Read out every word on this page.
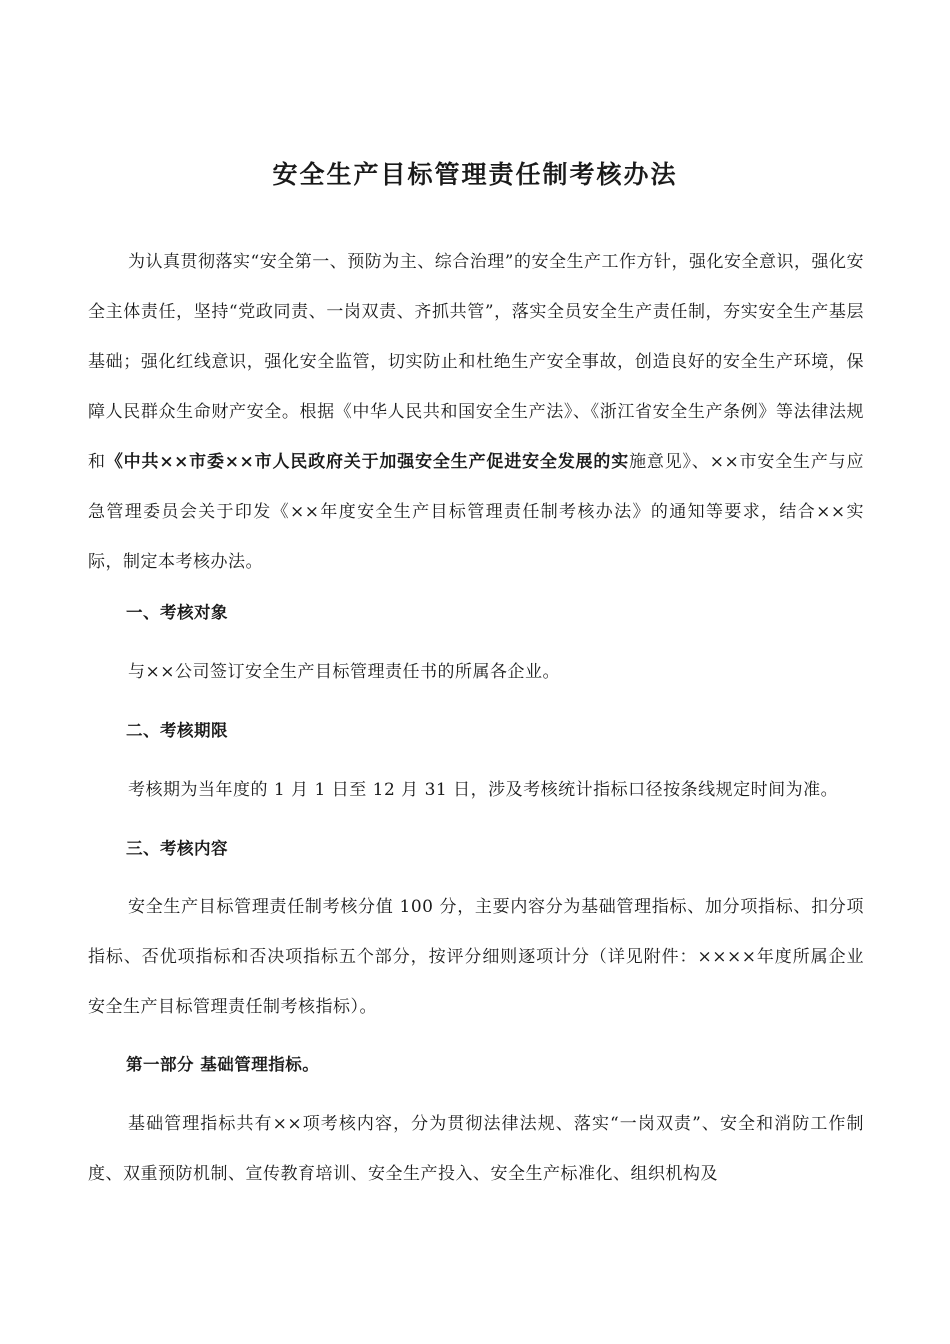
安全生产目标管理责任制考核办法
为认真贯彻落实“安全第一、预防为主、综合治理”的安全生产工作方针，强化安全意识，强化安全主体责任，坚持“党政同责、一岗双责、齐抓共管”，落实全员安全生产责任制，夯实安全生产基层基础；强化红线意识，强化安全监管，切实防止和杜绝生产安全事故，创造良好的安全生产环境，保障人民群众生命财产安全。根据《中华人民共和国安全生产法》、《浙江省安全生产条例》等法律法规和《中共××市委××市人民政府关于加强安全生产促进安全发展的实施意见》、××市安全生产与应急管理委员会关于印发《××年度安全生产目标管理责任制考核办法》的通知等要求，结合××实际，制定本考核办法。
一、考核对象
与××公司签订安全生产目标管理责任书的所属各企业。
二、考核期限
考核期为当年度的 1 月 1 日至 12 月 31 日，涉及考核统计指标口径按条线规定时间为准。
三、考核内容
安全生产目标管理责任制考核分值 100 分，主要内容分为基础管理指标、加分项指标、扣分项指标、否优项指标和否决项指标五个部分，按评分细则逐项计分（详见附件：××××年度所属企业安全生产目标管理责任制考核指标）。
第一部分 基础管理指标。
基础管理指标共有××项考核内容，分为贯彻法律法规、落实“一岗双责”、安全和消防工作制度、双重预防机制、宣传教育培训、安全生产投入、安全生产标准化、组织机构及
